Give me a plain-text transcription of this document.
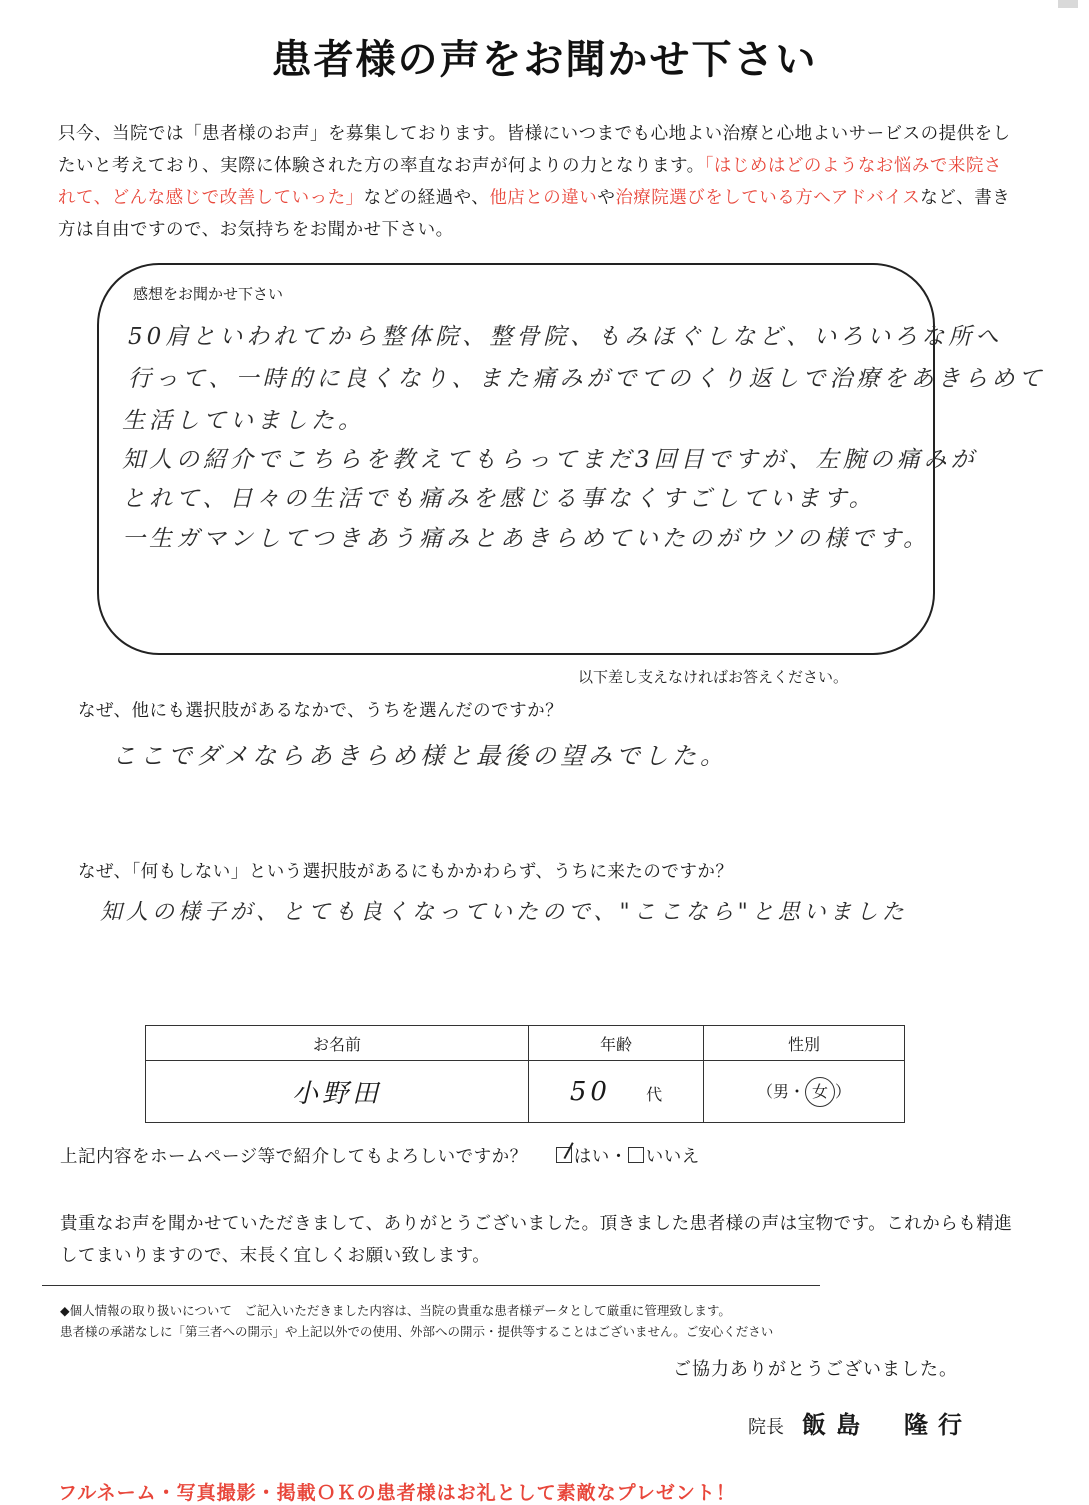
患者様の声をお聞かせ下さい
只今、当院では「患者様のお声」を募集しております。皆様にいつまでも心地よい治療と心地よいサービスの提供をしたいと考えており、実際に体験された方の率直なお声が何よりの力となります。「はじめはどのようなお悩みで来院されて、どんな感じで改善していった」などの経過や、他店との違いや治療院選びをしている方へアドバイスなど、書き方は自由ですので、お気持ちをお聞かせ下さい。
感想をお聞かせ下さい
50肩といわれてから整体院、整骨院、もみほぐしなど、いろいろな所へ
行って、一時的に良くなり、また痛みがでてのくり返しで治療をあきらめて
生活していました。
知人の紹介でこちらを教えてもらってまだ3回目ですが、左腕の痛みが
とれて、日々の生活でも痛みを感じる事なくすごしています。
一生ガマンしてつきあう痛みとあきらめていたのがウソの様です。
以下差し支えなければお答えください。
なぜ、他にも選択肢があるなかで、うちを選んだのですか？
ここでダメならあきらめ様と最後の望みでした。
なぜ、「何もしない」という選択肢があるにもかかわらず、うちに来たのですか？
知人の様子が、とても良くなっていたので、"ここなら"と思いました
お名前	年齢	性別
小野田	50 代	（男・ 女 ）
上記内容をホームページ等で紹介してもよろしいですか？	はい・ いいえ
貴重なお声を聞かせていただきまして、ありがとうございました。頂きました患者様の声は宝物です。これからも精進してまいりますので、末長く宜しくお願い致します。
◆個人情報の取り扱いについて　ご記入いただきました内容は、当院の貴重な患者様データとして厳重に管理致します。
患者様の承諾なしに「第三者への開示」や上記以外での使用、外部への開示・提供等することはございません。ご安心ください
ご協力ありがとうございました。
院長 飯島　隆行
フルネーム・写真撮影・掲載ＯＫの患者様はお礼として素敵なプレゼント！
